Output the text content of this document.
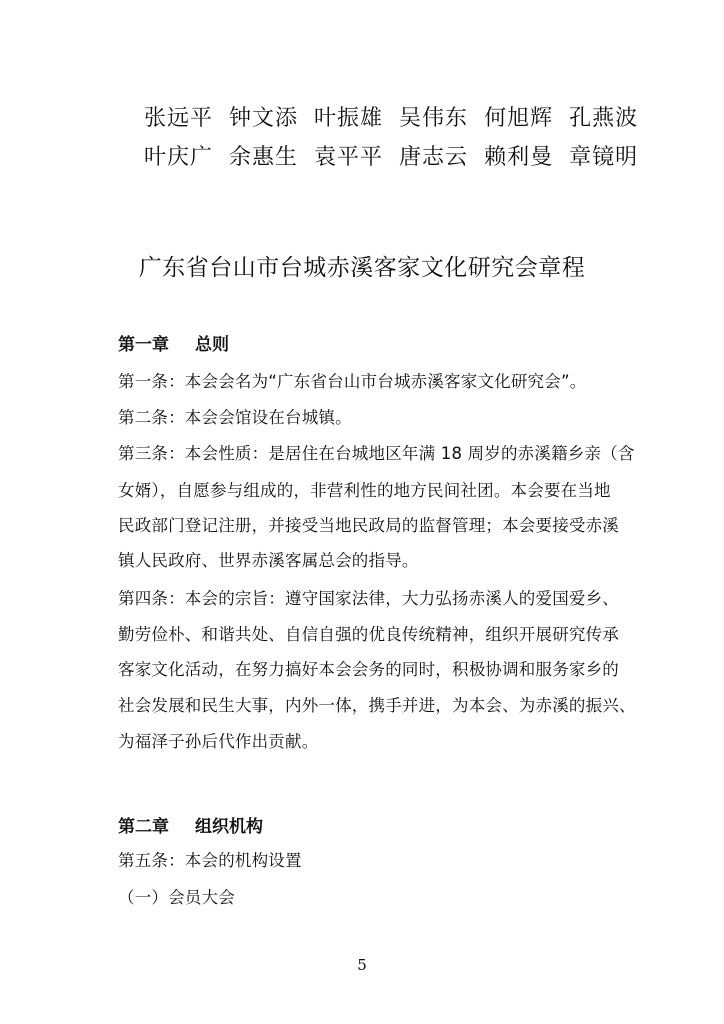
张远平 钟文添 叶振雄 吴伟东 何旭辉 孔燕波
叶庆广 余惠生 袁平平 唐志云 赖利曼 章镜明
广东省台山市台城赤溪客家文化研究会章程
第一章 总则
第一条：本会会名为“广东省台山市台城赤溪客家文化研究会”。
第二条：本会会馆设在台城镇。
第三条：本会性质：是居住在台城地区年满 18 周岁的赤溪籍乡亲（含
女婿），自愿参与组成的，非营利性的地方民间社团。本会要在当地
民政部门登记注册，并接受当地民政局的监督管理；本会要接受赤溪
镇人民政府、世界赤溪客属总会的指导。
第四条：本会的宗旨：遵守国家法律，大力弘扬赤溪人的爱国爱乡、
勤劳俭朴、和谐共处、自信自强的优良传统精神，组织开展研究传承
客家文化活动，在努力搞好本会会务的同时，积极协调和服务家乡的
社会发展和民生大事，内外一体，携手并进，为本会、为赤溪的振兴、
为福泽子孙后代作出贡献。
第二章 组织机构
第五条：本会的机构设置
（一）会员大会
5
